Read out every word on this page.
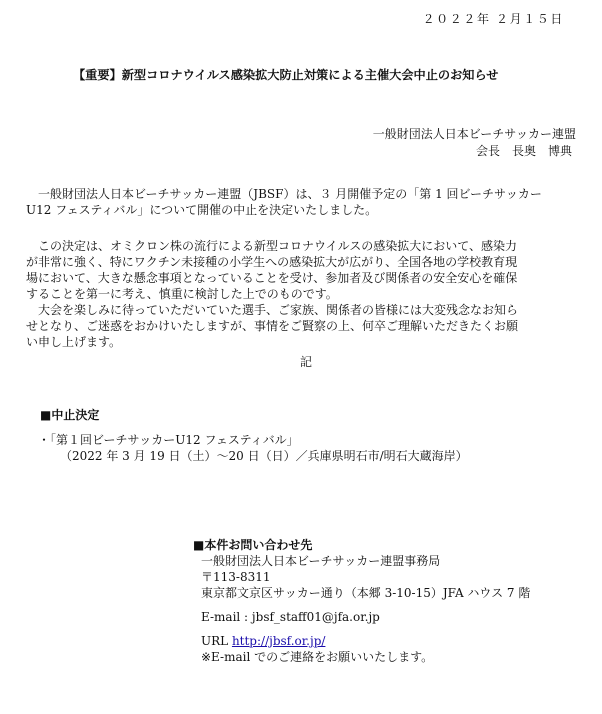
２０２２年 ２月１５日
【重要】新型コロナウイルス感染拡大防止対策による主催大会中止のお知らせ
一般財団法人日本ビーチサッカー連盟
会長　長奥　博典
　一般財団法人日本ビーチサッカー連盟（JBSF）は、３ 月開催予定の「第 1 回ビーチサッカー
U12 フェスティバル」について開催の中止を決定いたしました。
　この決定は、オミクロン株の流行による新型コロナウイルスの感染拡大において、感染力
が非常に強く、特にワクチン未接種の小学生への感染拡大が広がり、全国各地の学校教育現
場において、大きな懸念事項となっていることを受け、参加者及び関係者の安全安心を確保
することを第一に考え、慎重に検討した上でのものです。
　大会を楽しみに待っていただいていた選手、ご家族、関係者の皆様には大変残念なお知ら
せとなり、ご迷惑をおかけいたしますが、事情をご賢察の上、何卒ご理解いただきたくお願
い申し上げます。
記
■中止決定
・「第１回ビーチサッカーU12 フェスティバル」
（2022 年 3 月 19 日（土）～20 日（日）／兵庫県明石市/明石大蔵海岸）
■本件お問い合わせ先
一般財団法人日本ビーチサッカー連盟事務局
〒113-8311
東京都文京区サッカー通り（本郷 3-10-15）JFA ハウス 7 階
E-mail : jbsf_staff01@jfa.or.jp
URL http://jbsf.or.jp/
※E-mail でのご連絡をお願いいたします。
